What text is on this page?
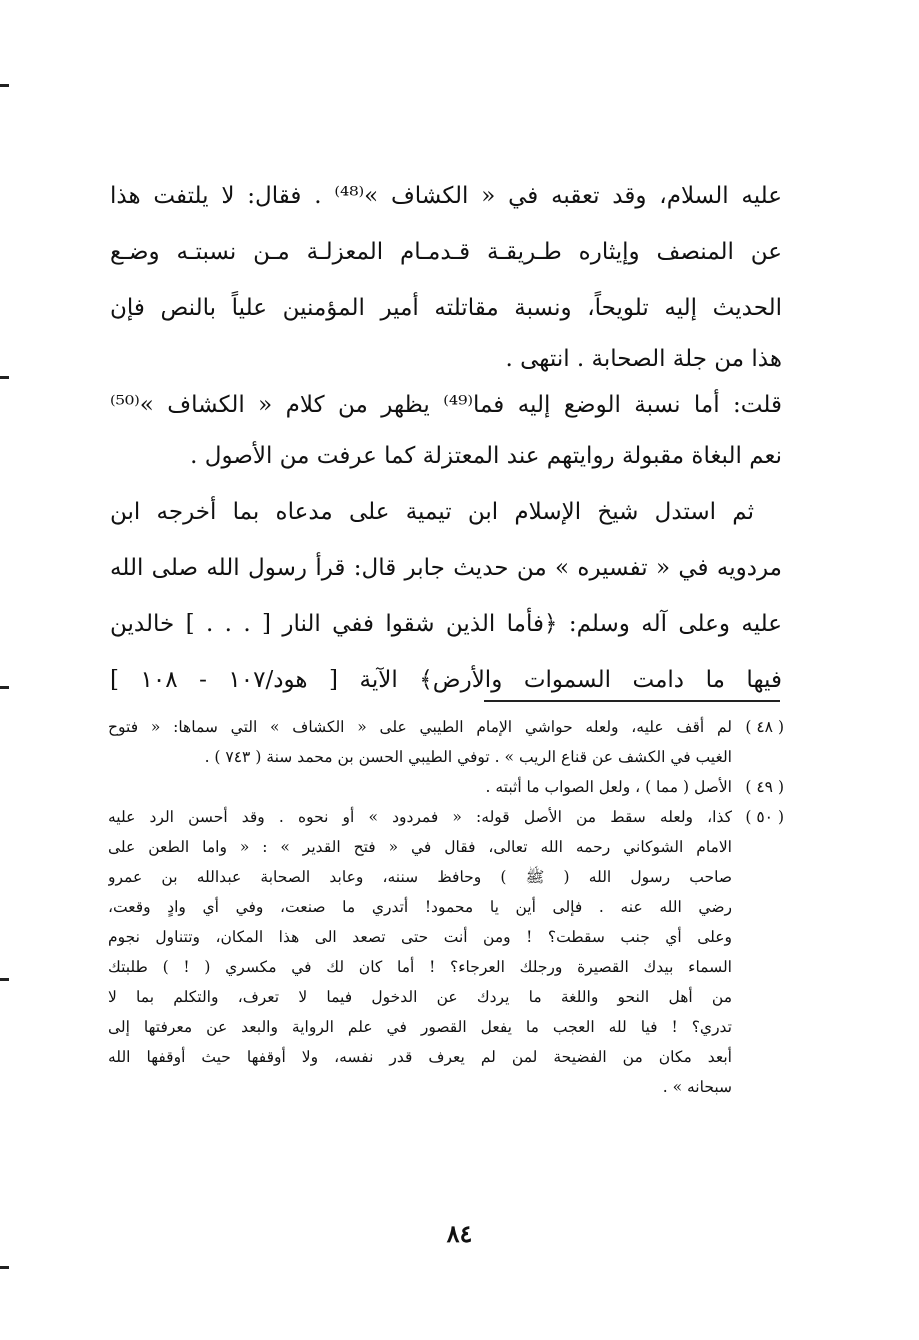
عليه السلام، وقد تعقبه في « الكشاف »⁽⁴⁸⁾ . فقال: لا يلتفت هذا
عن المنصف وإيثاره طـريقـة قـدمـام المعزلـة مـن نسبتـه وضـع
الحديث إليه تلويحاً، ونسبة مقاتلته أمير المؤمنين علياً بالنص فإن
هذا من جلة الصحابة . انتهى .
قلت: أما نسبة الوضع إليه فما⁽⁴⁹⁾ يظهر من كلام « الكشاف »⁽⁵⁰⁾
نعم البغاة مقبولة روايتهم عند المعتزلة كما عرفت من الأصول .
ثم استدل شيخ الإسلام ابن تيمية على مدعاه بما أخرجه ابن
مردويه في « تفسيره » من حديث جابر قال: قرأ رسول الله صلى الله
عليه وعلى آله وسلم: ﴿فأما الذين شقوا ففي النار [ . . . ] خالدين
فيها ما دامت السموات والأرض﴾ الآية [ هود/١٠٧ - ١٠٨ ]
( ٤٨ )
لم أقف عليه، ولعله حواشي الإمام الطيبي على « الكشاف » التي سماها: « فتوح
الغيب في الكشف عن قناع الريب » . توفي الطيبي الحسن بن محمد سنة ( ٧٤٣ ) .
( ٤٩ )
الأصل ( مما ) ، ولعل الصواب ما أثبته .
( ٥٠ )
كذا، ولعله سقط من الأصل قوله: « فمردود » أو نحوه . وقد أحسن الرد عليه
الامام الشوكاني رحمه الله تعالى، فقال في « فتح القدير » : « واما الطعن على
صاحب رسول الله ( ﷺ ) وحافظ سننه، وعابد الصحابة عبدالله بن عمرو
رضي الله عنه . فإلى أين يا محمود! أتدري ما صنعت، وفي أي وادٍ وقعت،
وعلى أي جنب سقطت؟ ! ومن أنت حتى تصعد الى هذا المكان، وتتناول نجوم
السماء بيدك القصيرة ورجلك العرجاء؟ ! أما كان لك في مكسري ( ! ) طلبتك
من أهل النحو واللغة ما يردك عن الدخول فيما لا تعرف، والتكلم بما لا
تدري؟ ! فيا لله العجب ما يفعل القصور في علم الرواية والبعد عن معرفتها إلى
أبعد مكان من الفضيحة لمن لم يعرف قدر نفسه، ولا أوقفها حيث أوقفها الله
سبحانه » .
٨٤
